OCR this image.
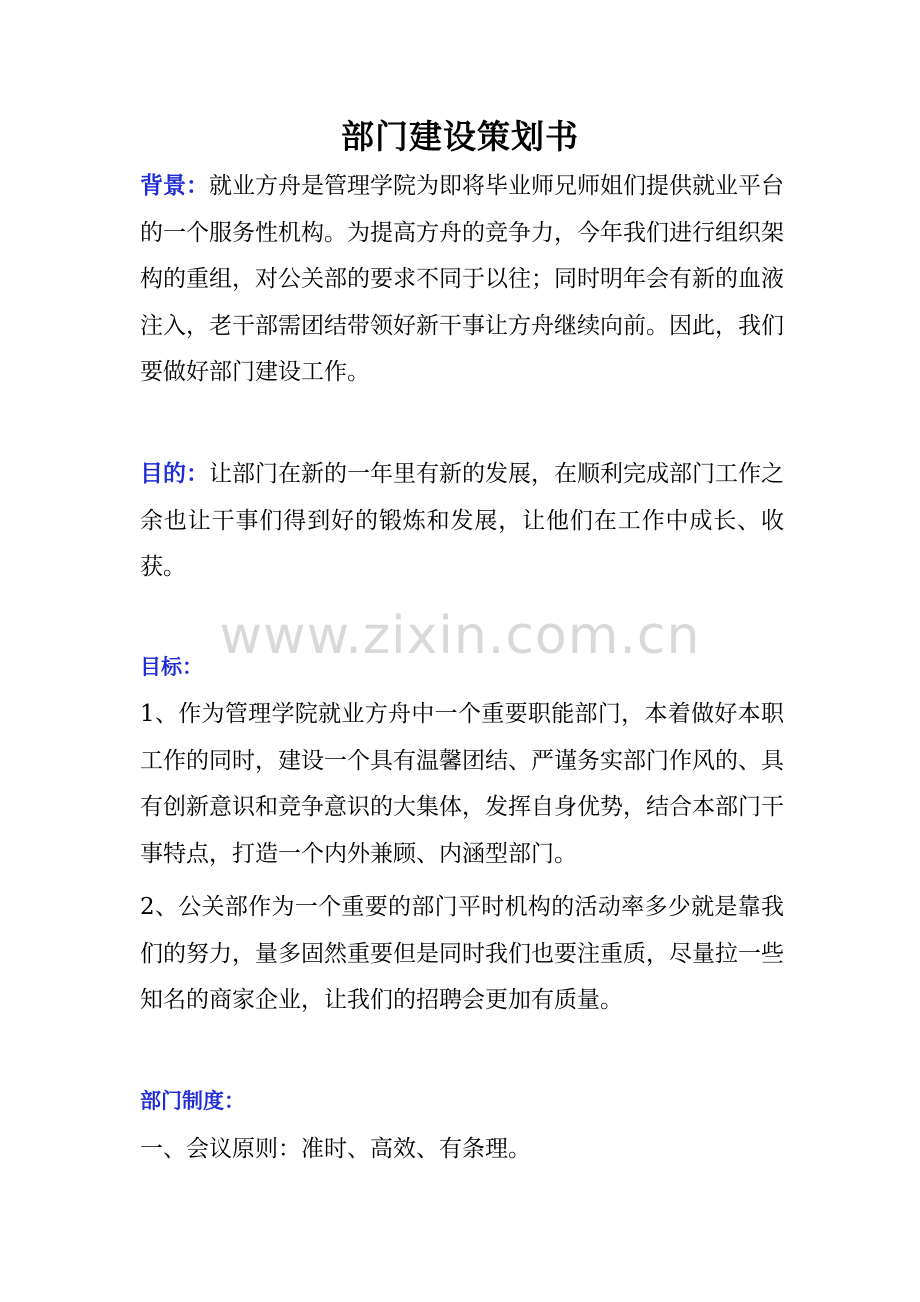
部门建设策划书
背景：就业方舟是管理学院为即将毕业师兄师姐们提供就业平台的一个服务性机构。为提高方舟的竞争力，今年我们进行组织架构的重组，对公关部的要求不同于以往；同时明年会有新的血液注入，老干部需团结带领好新干事让方舟继续向前。因此，我们要做好部门建设工作。
目的：让部门在新的一年里有新的发展，在顺利完成部门工作之余也让干事们得到好的锻炼和发展，让他们在工作中成长、收获。
www.zixin.com.cn
目标：
1、作为管理学院就业方舟中一个重要职能部门，本着做好本职工作的同时，建设一个具有温馨团结、严谨务实部门作风的、具有创新意识和竞争意识的大集体，发挥自身优势，结合本部门干事特点，打造一个内外兼顾、内涵型部门。
2、公关部作为一个重要的部门平时机构的活动率多少就是靠我们的努力，量多固然重要但是同时我们也要注重质，尽量拉一些知名的商家企业，让我们的招聘会更加有质量。
部门制度：
一、会议原则：准时、高效、有条理。
